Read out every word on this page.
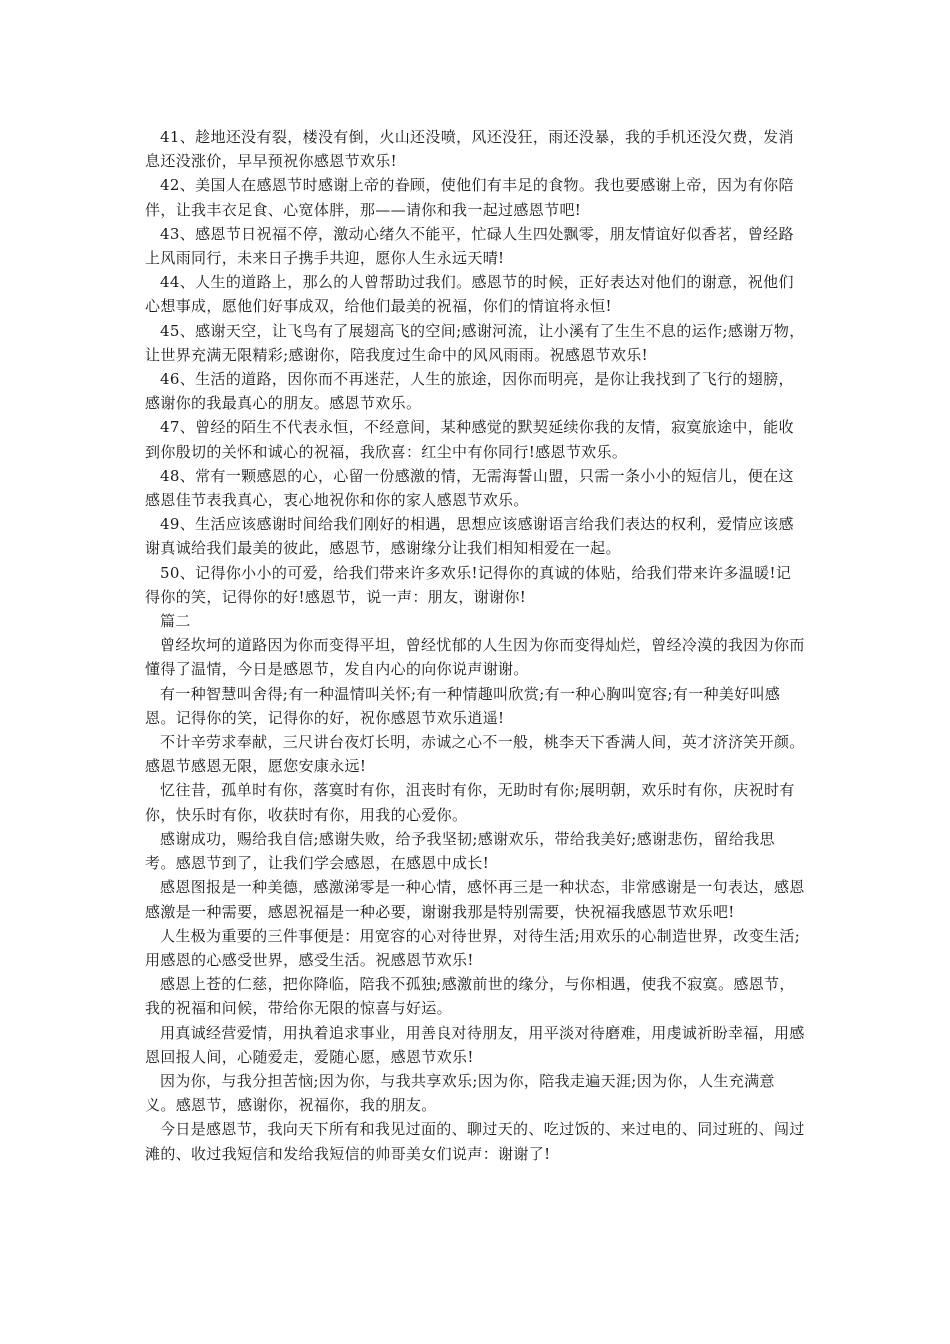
41、趁地还没有裂，楼没有倒，火山还没喷，风还没狂，雨还没暴，我的手机还没欠费，发消息还没涨价，早早预祝你感恩节欢乐!

42、美国人在感恩节时感谢上帝的眷顾，使他们有丰足的食物。我也要感谢上帝，因为有你陪伴，让我丰衣足食、心宽体胖，那——请你和我一起过感恩节吧!

43、感恩节日祝福不停，激动心绪久不能平，忙碌人生四处飘零，朋友情谊好似香茗，曾经路上风雨同行，未来日子携手共迎，愿你人生永远天晴!

44、人生的道路上，那么的人曾帮助过我们。感恩节的时候，正好表达对他们的谢意，祝他们心想事成，愿他们好事成双，给他们最美的祝福，你们的情谊将永恒!

45、感谢天空，让飞鸟有了展翅高飞的空间;感谢河流，让小溪有了生生不息的运作;感谢万物，让世界充满无限精彩;感谢你，陪我度过生命中的风风雨雨。祝感恩节欢乐!

46、生活的道路，因你而不再迷茫，人生的旅途，因你而明亮，是你让我找到了飞行的翅膀，感谢你的我最真心的朋友。感恩节欢乐。

47、曾经的陌生不代表永恒，不经意间，某种感觉的默契延续你我的友情，寂寞旅途中，能收到你殷切的关怀和诚心的祝福，我欣喜：红尘中有你同行!感恩节欢乐。

48、常有一颗感恩的心，心留一份感激的情，无需海誓山盟，只需一条小小的短信儿，便在这感恩佳节表我真心，衷心地祝你和你的家人感恩节欢乐。

49、生活应该感谢时间给我们刚好的相遇，思想应该感谢语言给我们表达的权利，爱情应该感谢真诚给我们最美的彼此，感恩节，感谢缘分让我们相知相爱在一起。

50、记得你小小的可爱，给我们带来许多欢乐!记得你的真诚的体贴，给我们带来许多温暖!记得你的笑，记得你的好!感恩节，说一声：朋友，谢谢你!

篇二

曾经坎坷的道路因为你而变得平坦，曾经忧郁的人生因为你而变得灿烂，曾经冷漠的我因为你而懂得了温情，今日是感恩节，发自内心的向你说声谢谢。

有一种智慧叫舍得;有一种温情叫关怀;有一种情趣叫欣赏;有一种心胸叫宽容;有一种美好叫感恩。记得你的笑，记得你的好，祝你感恩节欢乐逍遥!

不计辛劳求奉献，三尺讲台夜灯长明，赤诚之心不一般，桃李天下香满人间，英才济济笑开颜。感恩节感恩无限，愿您安康永远!

忆往昔，孤单时有你，落寞时有你，沮丧时有你，无助时有你;展明朝，欢乐时有你，庆祝时有你，快乐时有你，收获时有你，用我的心爱你。

感谢成功，赐给我自信;感谢失败，给予我坚韧;感谢欢乐，带给我美好;感谢悲伤，留给我思考。感恩节到了，让我们学会感恩，在感恩中成长!

感恩图报是一种美德，感激涕零是一种心情，感怀再三是一种状态，非常感谢是一句表达，感恩感激是一种需要，感恩祝福是一种必要，谢谢我那是特别需要，快祝福我感恩节欢乐吧!

人生极为重要的三件事便是：用宽容的心对待世界，对待生活;用欢乐的心制造世界，改变生活;用感恩的心感受世界，感受生活。祝感恩节欢乐!

感恩上苍的仁慈，把你降临，陪我不孤独;感激前世的缘分，与你相遇，使我不寂寞。感恩节，我的祝福和问候，带给你无限的惊喜与好运。

用真诚经营爱情，用执着追求事业，用善良对待朋友，用平淡对待磨难，用虔诚祈盼幸福，用感恩回报人间，心随爱走，爱随心愿，感恩节欢乐!

因为你，与我分担苦恼;因为你，与我共享欢乐;因为你，陪我走遍天涯;因为你，人生充满意义。感恩节，感谢你，祝福你，我的朋友。

今日是感恩节，我向天下所有和我见过面的、聊过天的、吃过饭的、来过电的、同过班的、闯过滩的、收过我短信和发给我短信的帅哥美女们说声：谢谢了!
